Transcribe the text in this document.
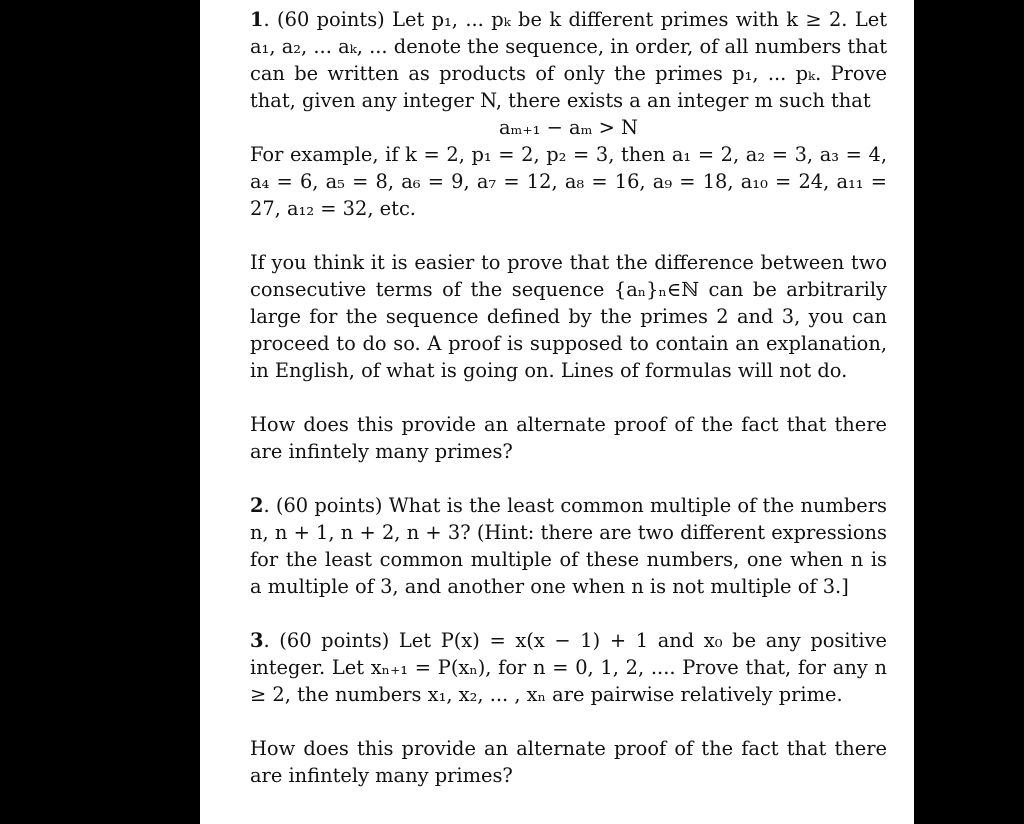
1. (60 points) Let p₁, ... pₖ be k different primes with k ≥ 2. Let a₁, a₂, ... aₖ, ... denote the sequence, in order, of all numbers that can be written as products of only the primes p₁, ... pₖ. Prove that, given any integer N, there exists a an integer m such that

aₘ₊₁ − aₘ > N

For example, if k = 2, p₁ = 2, p₂ = 3, then a₁ = 2, a₂ = 3, a₃ = 4, a₄ = 6, a₅ = 8, a₆ = 9, a₇ = 12, a₈ = 16, a₉ = 18, a₁₀ = 24, a₁₁ = 27, a₁₂ = 32, etc.

If you think it is easier to prove that the difference between two consecutive terms of the sequence {aₙ}ₙ∈ℕ can be arbitrarily large for the sequence defined by the primes 2 and 3, you can proceed to do so. A proof is supposed to contain an explanation, in English, of what is going on. Lines of formulas will not do.

How does this provide an alternate proof of the fact that there are infintely many primes?

2. (60 points) What is the least common multiple of the numbers n, n + 1, n + 2, n + 3? (Hint: there are two different expressions for the least common multiple of these numbers, one when n is a multiple of 3, and another one when n is not multiple of 3.]

3. (60 points) Let P(x) = x(x − 1) + 1 and x₀ be any positive integer. Let xₙ₊₁ = P(xₙ), for n = 0, 1, 2, .... Prove that, for any n ≥ 2, the numbers x₁, x₂, ... , xₙ are pairwise relatively prime.

How does this provide an alternate proof of the fact that there are infintely many primes?
